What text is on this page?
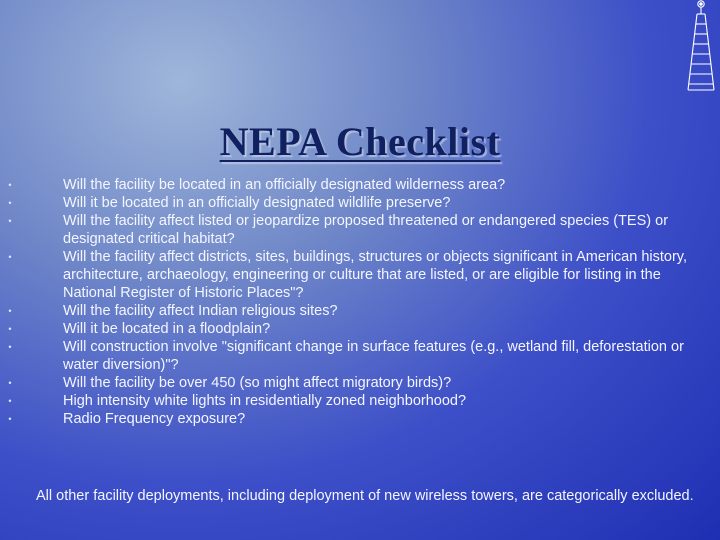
NEPA Checklist
•	Will the facility be located in an officially designated wilderness area?
•	Will it be located in an officially designated wildlife preserve?
•	Will the facility affect listed or jeopardize proposed threatened or endangered species (TES) or designated critical habitat?
•	Will the facility affect districts, sites, buildings, structures or objects significant in American history, architecture, archaeology, engineering or culture that are listed, or are eligible for listing in the National Register of Historic Places"?
•	Will the facility affect Indian religious sites?
•	Will it be located in a floodplain?
•	Will construction involve "significant change in surface features (e.g., wetland fill, deforestation or water diversion)"?
•	Will the facility be over 450 (so might affect migratory birds)?
•	High intensity white lights in residentially zoned neighborhood?
•	Radio Frequency exposure?
All other facility deployments, including deployment of new wireless towers, are categorically excluded.
